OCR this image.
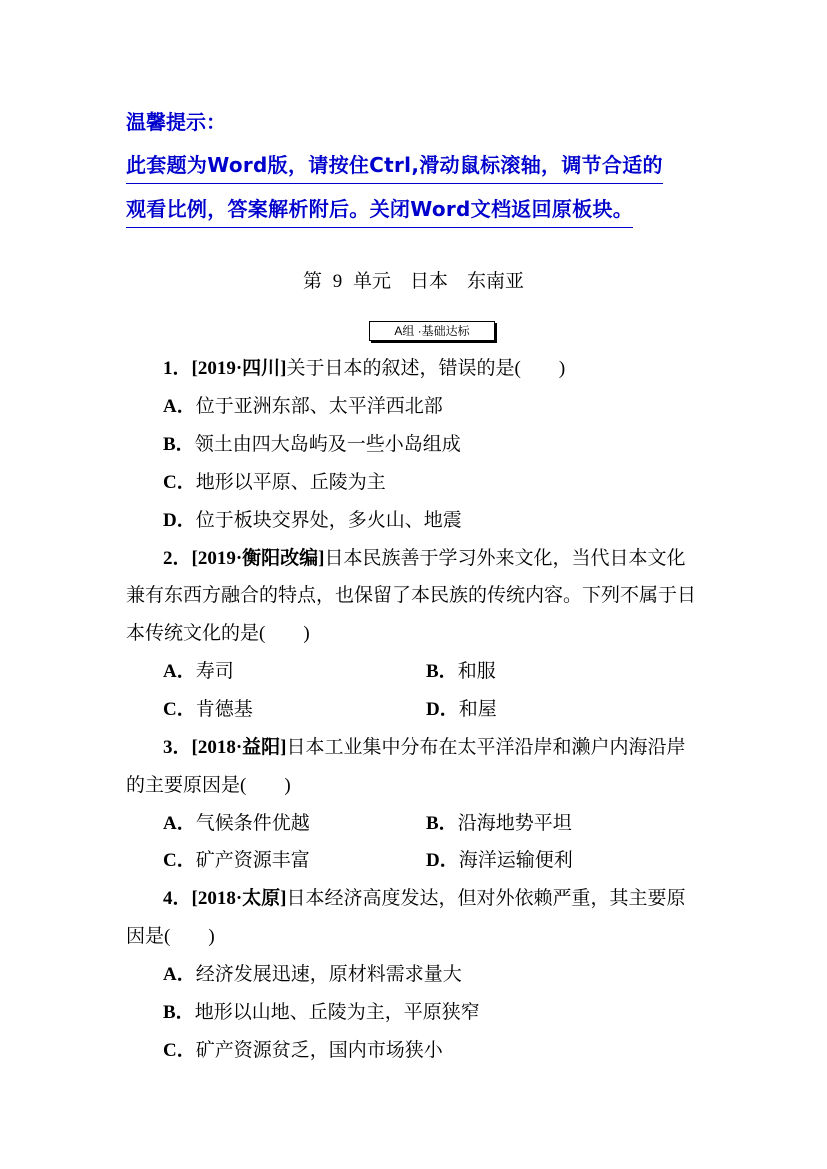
温馨提示：
此套题为Word版，请按住Ctrl,滑动鼠标滚轴，调节合适的
观看比例，答案解析附后。关闭Word文档返回原板块。
第 9 单元　日本　东南亚
A组 ·基础达标
1．[2019·四川]关于日本的叙述，错误的是(　　)
A．位于亚洲东部、太平洋西北部
B．领土由四大岛屿及一些小岛组成
C．地形以平原、丘陵为主
D．位于板块交界处，多火山、地震
2．[2019·衡阳改编]日本民族善于学习外来文化，当代日本文化
兼有东西方融合的特点，也保留了本民族的传统内容。下列不属于日
本传统文化的是(　　)
A．寿司	B．和服
C．肯德基	D．和屋
3．[2018·益阳]日本工业集中分布在太平洋沿岸和濑户内海沿岸
的主要原因是(　　)
A．气候条件优越	B．沿海地势平坦
C．矿产资源丰富	D．海洋运输便利
4．[2018·太原]日本经济高度发达，但对外依赖严重，其主要原
因是(　　)
A．经济发展迅速，原材料需求量大
B．地形以山地、丘陵为主，平原狭窄
C．矿产资源贫乏，国内市场狭小
